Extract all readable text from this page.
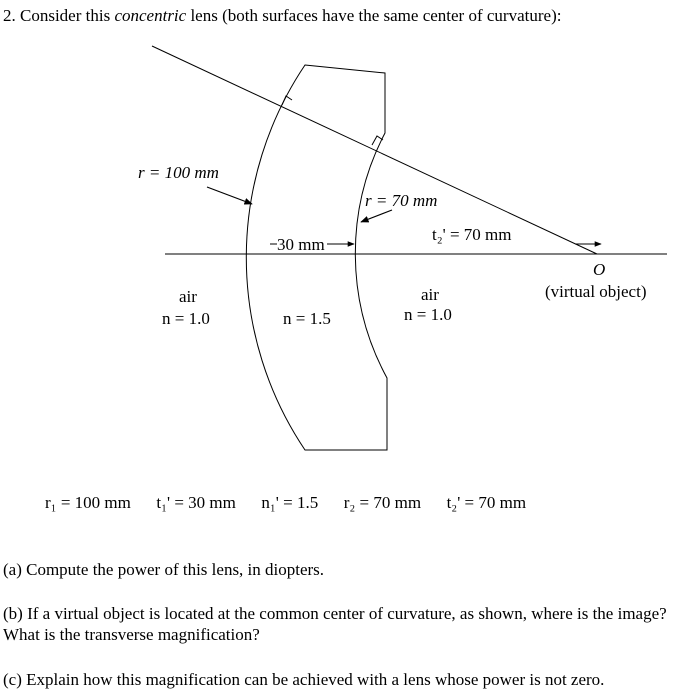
2. Consider this concentric lens (both surfaces have the same center of curvature):
r = 100 mm
r = 70 mm
30 mm
t₂' = 70 mm
O
(virtual object)
air
n = 1.0	n = 1.5
air
n = 1.0
r₁ = 100 mm t₁' = 30 mm n₁' = 1.5 r₂ = 70 mm t₂' = 70 mm
(a) Compute the power of this lens, in diopters.
(b) If a virtual object is located at the common center of curvature, as shown, where is the image? What is the transverse magnification?
(c) Explain how this magnification can be achieved with a lens whose power is not zero.
